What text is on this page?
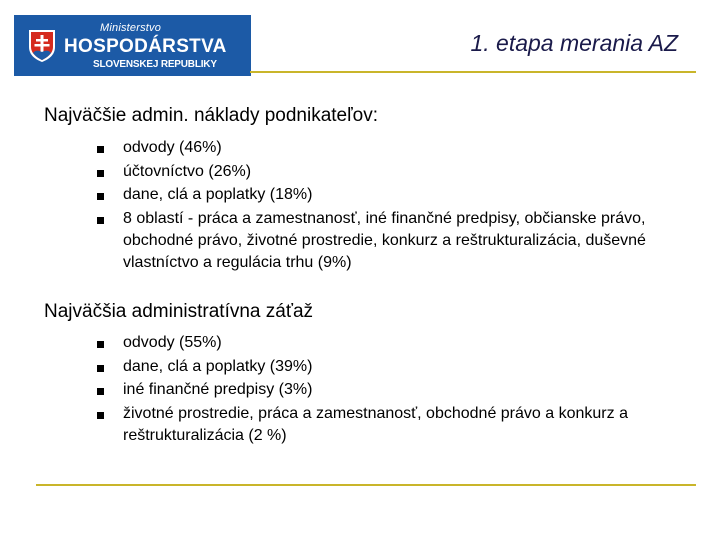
Ministerstvo
HOSPODÁRSTVA
SLOVENSKEJ REPUBLIKY
1. etapa merania AZ
Najväčšie admin. náklady podnikateľov:
odvody (46%)
účtovníctvo (26%)
dane, clá a poplatky (18%)
8 oblastí - práca a zamestnanosť, iné finančné predpisy, občianske právo, obchodné právo, životné prostredie, konkurz a reštrukturalizácia, duševné vlastníctvo a regulácia trhu (9%)
Najväčšia administratívna záťaž
odvody (55%)
dane, clá a poplatky (39%)
iné finančné predpisy (3%)
životné prostredie, práca a zamestnanosť, obchodné právo a konkurz a reštrukturalizácia (2 %)
